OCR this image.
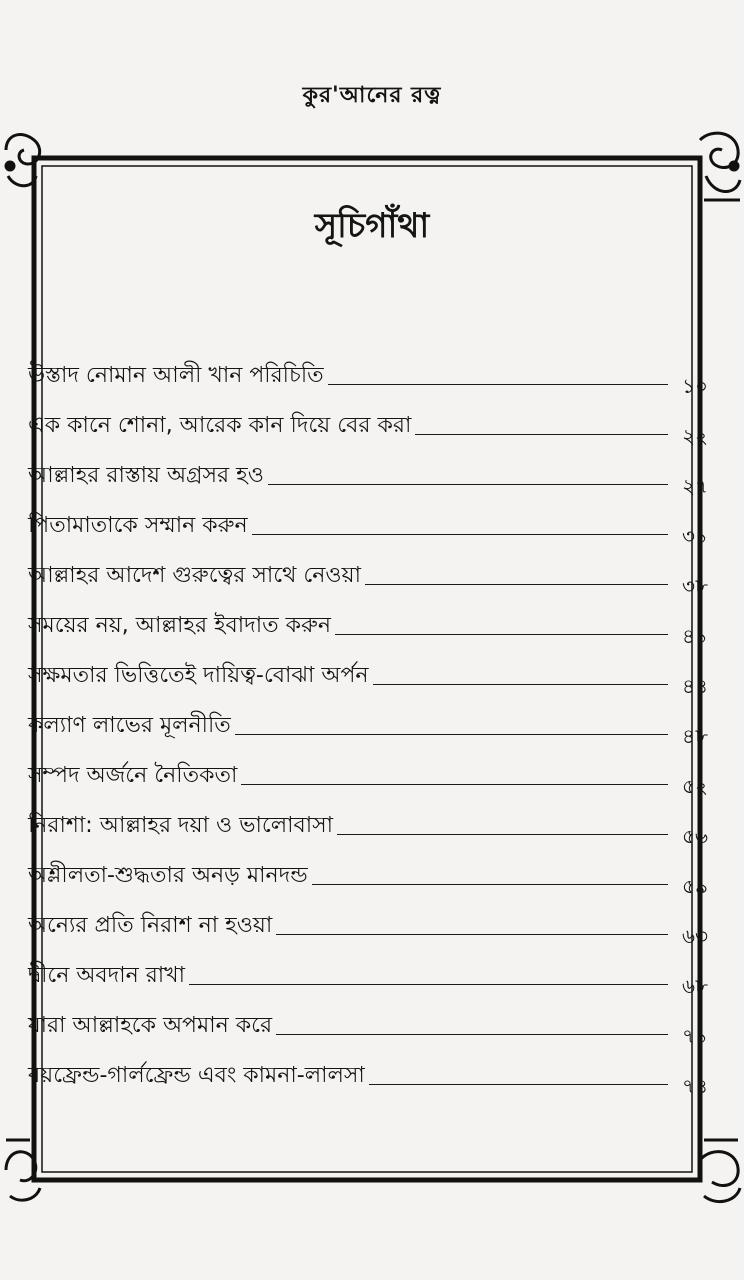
কুর'আনের রত্ন
সূচিগাঁথা
উস্তাদ নোমান আলী খান পরিচিতি	১০
এক কানে শোনা, আরেক কান দিয়ে বের করা	২২
আল্লাহর রাস্তায় অগ্রসর হও	২৭
পিতামাতাকে সম্মান করুন	৩১
আল্লাহর আদেশ গুরুত্বের সাথে নেওয়া	৩৮
সময়ের নয়, আল্লাহর ইবাদাত করুন	৪১
সক্ষমতার ভিত্তিতেই দায়িত্ব-বোঝা অর্পন	৪৪
কল্যাণ লাভের মূলনীতি	৪৮
সম্পদ অর্জনে নৈতিকতা	৫২
নিরাশা: আল্লাহর দয়া ও ভালোবাসা	৫৬
অশ্লীলতা-শুদ্ধতার অনড় মানদন্ড	৫৯
অন্যের প্রতি নিরাশ না হওয়া	৬৩
দ্বীনে অবদান রাখা	৬৮
যারা আল্লাহকে অপমান করে	৭১
বয়ফ্রেন্ড-গার্লফ্রেন্ড এবং কামনা-লালসা	৭৪
